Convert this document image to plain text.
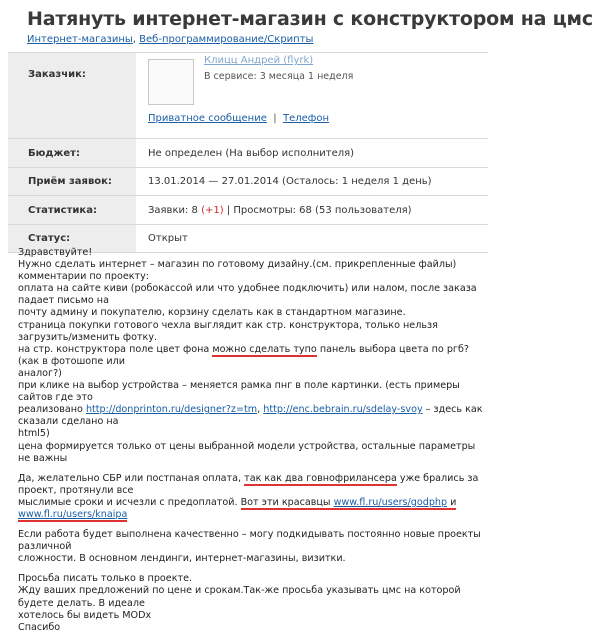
Натянуть интернет-магазин с конструктором на цмс
Интернет-магазины, Веб-программирование/Скрипты
Заказчик:
Клицц Андрей (flyrk)
В сервисе: 3 месяца 1 неделя
Приватное сообщение | Телефон
Бюджет:	Не определен (На выбор исполнителя)
Приём заявок:	13.01.2014 — 27.01.2014 (Осталось: 1 неделя 1 день)
Статистика:	Заявки: 8
(+1)
|
Просмотры: 68 (53 пользователя)
Статус:	Открыт

Здравствуйте!

Нужно сделать интернет – магазин по готовому дизайну.(см. прикрепленные файлы)

комментарии по проекту:

оплата на сайте киви (робокассой или что удобнее подключить) или налом, после заказа падает письмо на

почту админу и покупателю, корзину сделать как в стандартном магазине.

страница покупки готового чехла выглядит как стр. конструктора, только нельзя загрузить/изменить фотку.

на стр. конструктора поле цвет фона можно сделать тупо панель выбора цвета по ргб?(как в фотошопе или

аналог?)

при клике на выбор устройства – меняется рамка пнг в поле картинки. (есть примеры сайтов где это

реализовано http://donprinton.ru/designer?z=tm, http://enc.bebrain.ru/sdelay-svoy – здесь как сказали сделано на

html5)

цена формируется только от цены выбранной модели устройства, остальные параметры не важны

Да, желательно СБР или постпаная оплата, так как два говнофрилансера уже брались за проект, протянули все

мыслимые сроки и исчезли с предоплатой. Вот эти красавцы www.fl.ru/users/godphp и www.fl.ru/users/knaipa

Если работа будет выполнена качественно – могу подкидывать постоянно новые проекты различной

сложности. В основном лендинги, интернет-магазины, визитки.

Просьба писать только в проекте.

Жду ваших предложений по цене и срокам.Так-же просьба указывать цмс на которой будете делать. В идеале

хотелось бы видеть MODx

Спасибо
